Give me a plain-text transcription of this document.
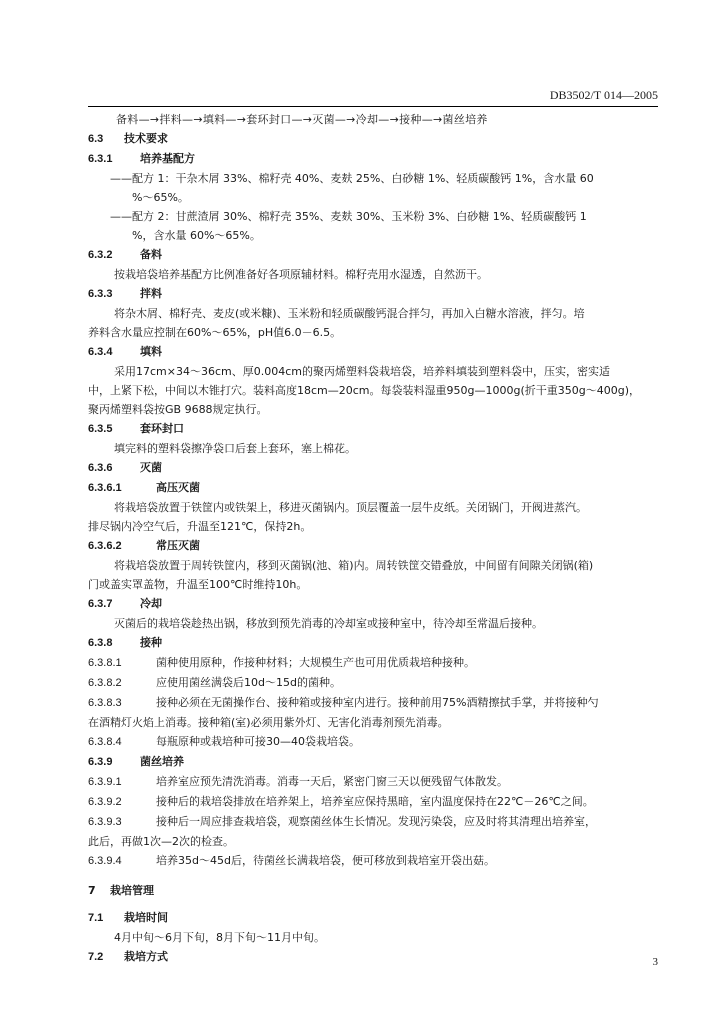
DB3502/T 014—2005
备料—→拌料—→填料—→套环封口—→灭菌—→冷却—→接种—→菌丝培养
6.3 技术要求
6.3.1	培养基配方
——配方 1：干杂木屑 33%、棉籽壳 40%、麦麸 25%、白砂糖 1%、轻质碳酸钙 1%，含水量 60
%～65%。
——配方 2：甘蔗渣屑 30%、棉籽壳 35%、麦麸 30%、玉米粉 3%、白砂糖 1%、轻质碳酸钙 1
%，含水量 60%～65%。
6.3.2	备料
按栽培袋培养基配方比例准备好各项原辅材料。棉籽壳用水湿透，自然沥干。
6.3.3	拌料
将杂木屑、棉籽壳、麦皮(或米糠)、玉米粉和轻质碳酸钙混合拌匀，再加入白糖水溶液，拌匀。培
养料含水量应控制在60%～65%，pH值6.0－6.5。
6.3.4	填料
采用17cm×34～36cm、厚0.004cm的聚丙烯塑料袋栽培袋，培养料填装到塑料袋中，压实，密实适
中，上紧下松，中间以木锥打穴。装料高度18cm—20cm。每袋装料湿重950g—1000g(折干重350g～400g)，
聚丙烯塑料袋按GB 9688规定执行。
6.3.5	套环封口
填完料的塑料袋擦净袋口后套上套环，塞上棉花。
6.3.6	灭菌
6.3.6.1	高压灭菌
将栽培袋放置于铁筐内或铁架上，移进灭菌锅内。顶层覆盖一层牛皮纸。关闭锅门，开阀进蒸汽。
排尽锅内冷空气后，升温至121℃，保持2h。
6.3.6.2	常压灭菌
将栽培袋放置于周转铁筐内，移到灭菌锅(池、箱)内。周转铁筐交错叠放，中间留有间隙关闭锅(箱)
门或盖实罩盖物，升温至100℃时维持10h。
6.3.7	冷却
灭菌后的栽培袋趁热出锅，移放到预先消毒的冷却室或接种室中，待冷却至常温后接种。
6.3.8	接种
6.3.8.1	菌种使用原种，作接种材料；大规模生产也可用优质栽培种接种。
6.3.8.2	应使用菌丝满袋后10d～15d的菌种。
6.3.8.3	接种必须在无菌操作台、接种箱或接种室内进行。接种前用75%酒精擦拭手掌，并将接种勺
在酒精灯火焰上消毒。接种箱(室)必须用紫外灯、无害化消毒剂预先消毒。
6.3.8.4	每瓶原种或栽培种可接30—40袋栽培袋。
6.3.9	菌丝培养
6.3.9.1	培养室应预先清洗消毒。消毒一天后，紧密门窗三天以便残留气体散发。
6.3.9.2	接种后的栽培袋排放在培养架上，培养室应保持黑暗，室内温度保持在22℃－26℃之间。
6.3.9.3	接种后一周应排查栽培袋，观察菌丝体生长情况。发现污染袋，应及时将其清理出培养室，
此后，再做1次—2次的检查。
6.3.9.4	培养35d～45d后，待菌丝长满栽培袋，便可移放到栽培室开袋出菇。
7 栽培管理
7.1 栽培时间
4月中旬～6月下旬，8月下旬～11月中旬。
7.2 栽培方式	3
